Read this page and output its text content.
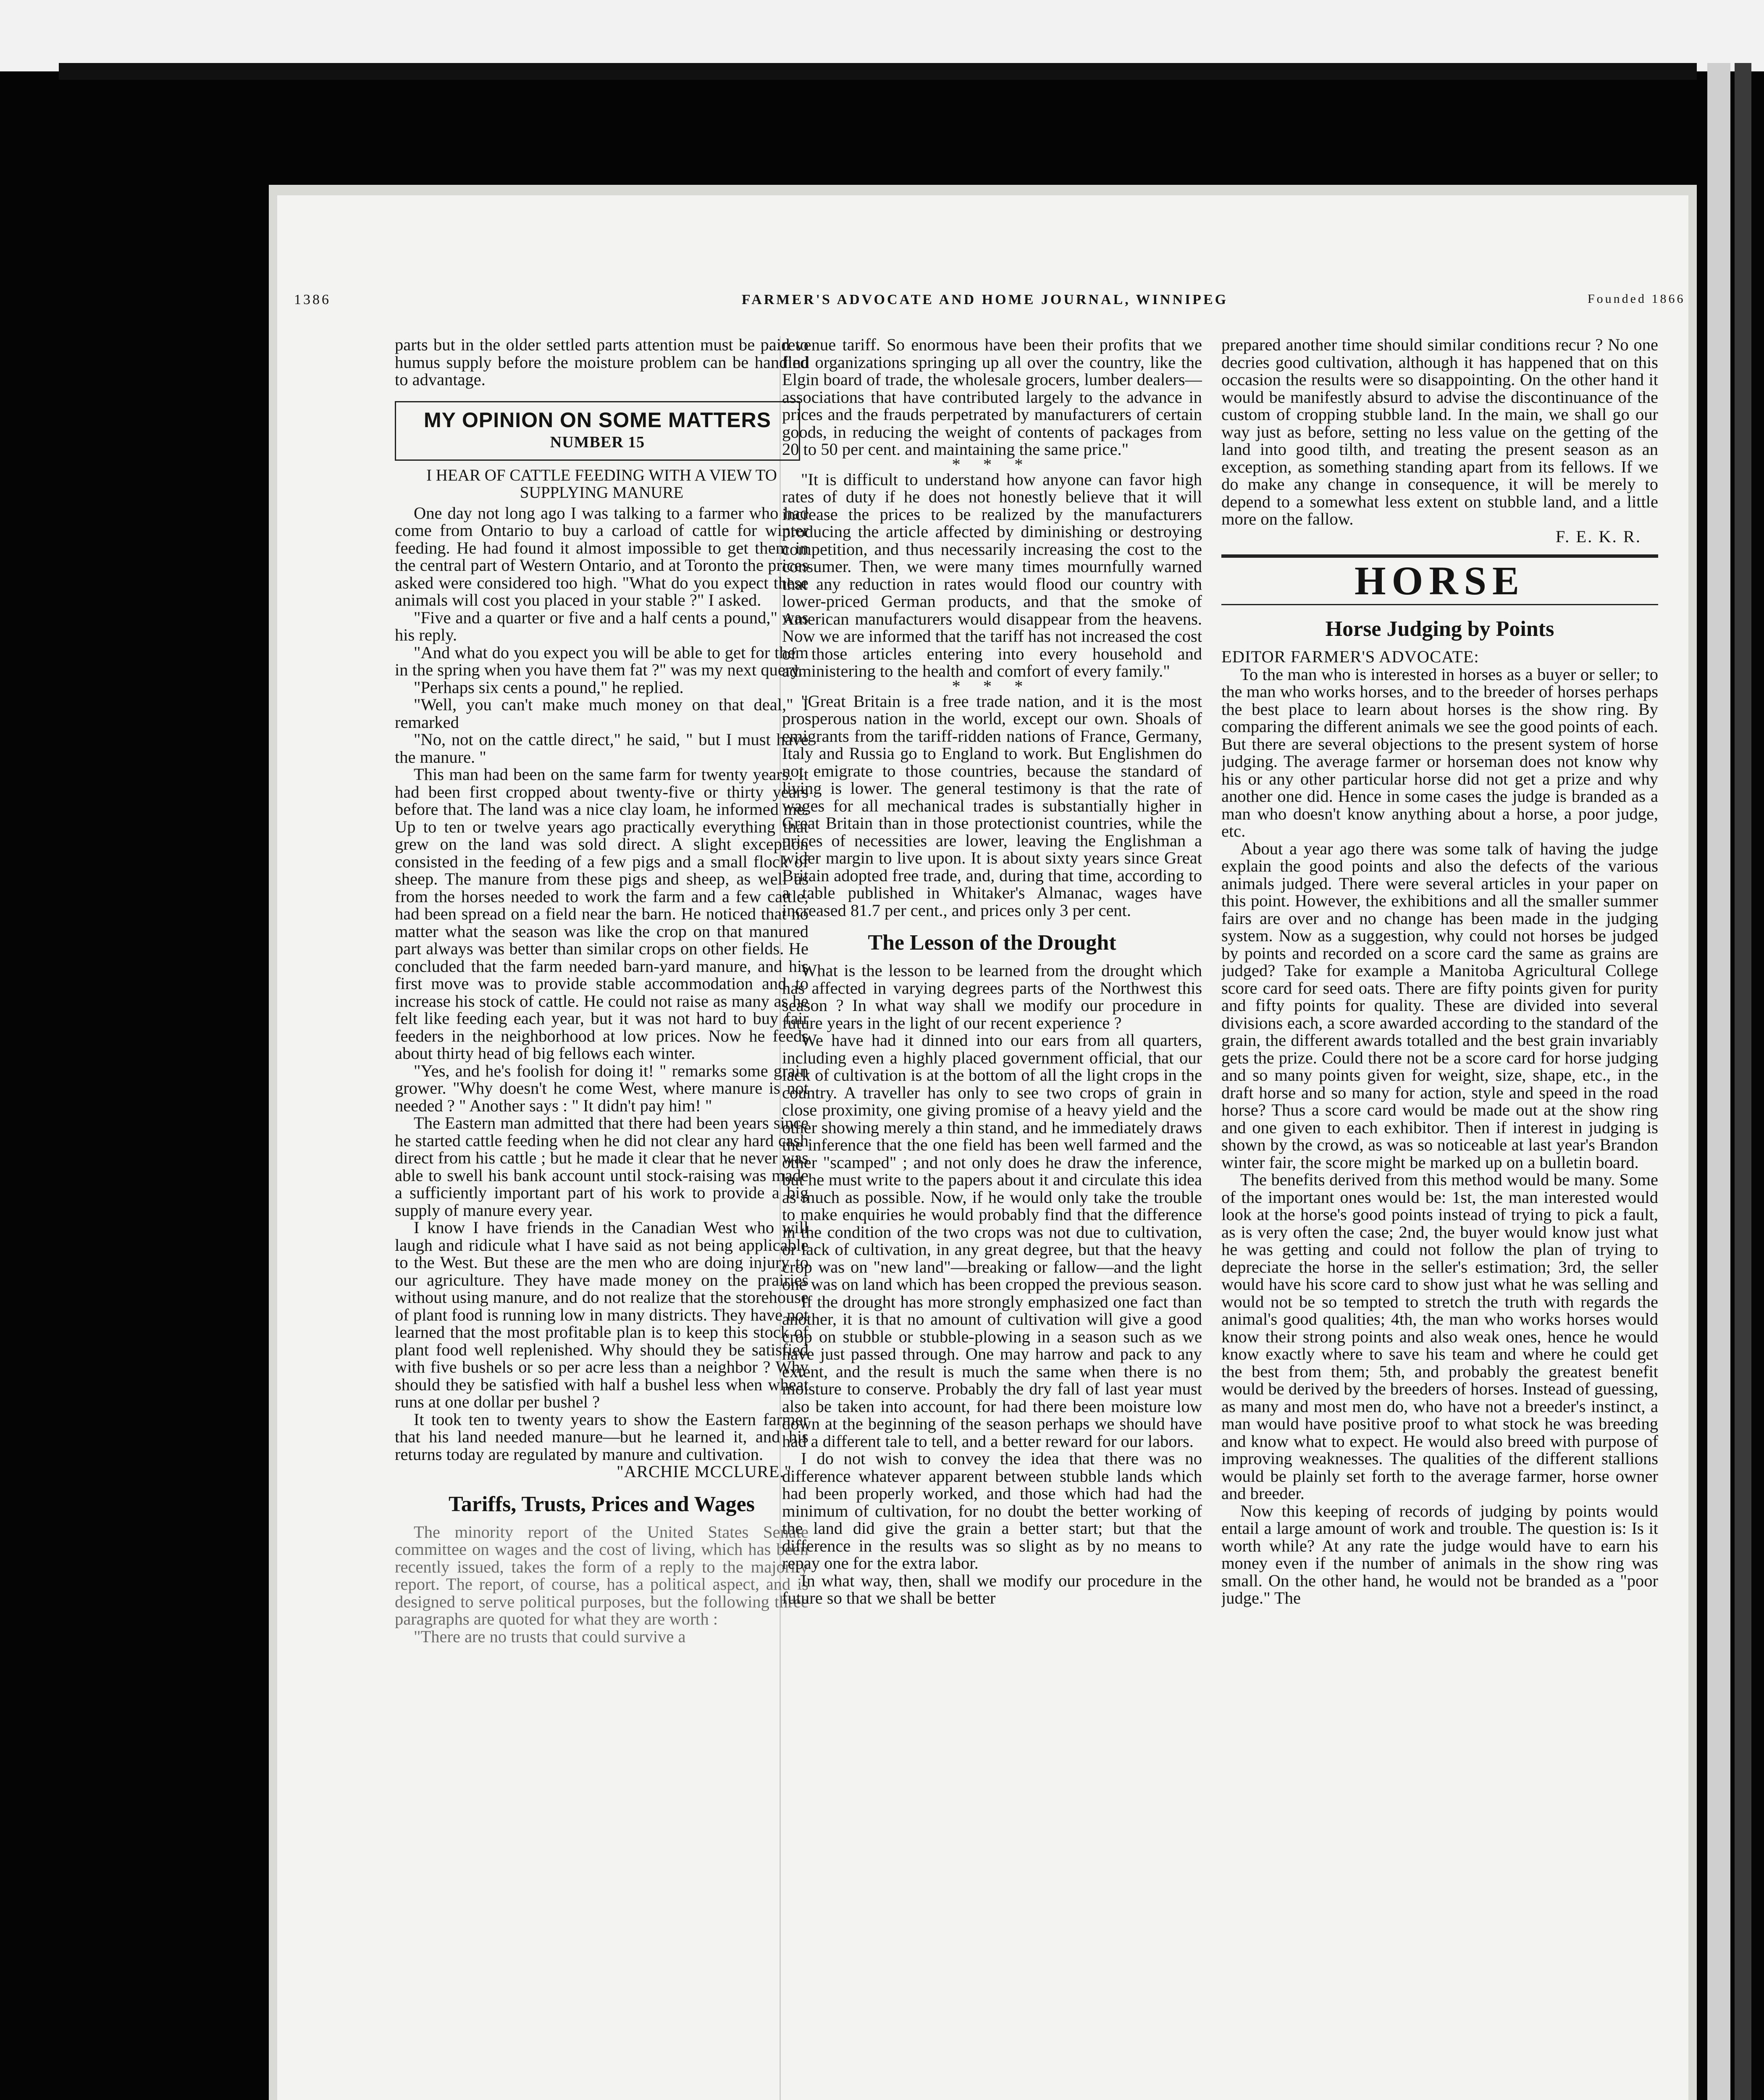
1386	FARMER'S ADVOCATE AND HOME JOURNAL, WINNIPEG	Founded 1866

parts but in the older settled parts attention must be paid to humus supply before the moisture problem can be handled to advantage.

MY OPINION ON SOME MATTERS
NUMBER 15
I HEAR OF CATTLE FEEDING WITH A VIEW TO SUPPLYING MANURE

One day not long ago I was talking to a farmer who had come from Ontario to buy a carload of cattle for winter feeding. He had found it almost impossible to get them in the central part of Western Ontario, and at Toronto the prices asked were considered too high. "What do you expect these animals will cost you placed in your stable ?" I asked.

"Five and a quarter or five and a half cents a pound," was his reply.

"And what do you expect you will be able to get for them in the spring when you have them fat ?" was my next query.

"Perhaps six cents a pound," he replied.

"Well, you can't make much money on that deal," I remarked

"No, not on the cattle direct," he said, " but I must have the manure. "

This man had been on the same farm for twenty years. It had been first cropped about twenty-five or thirty years before that. The land was a nice clay loam, he informed me. Up to ten or twelve years ago practically everything that grew on the land was sold direct. A slight exception consisted in the feeding of a few pigs and a small flock of sheep. The manure from these pigs and sheep, as well as from the horses needed to work the farm and a few cattle, had been spread on a field near the barn. He noticed that no matter what the season was like the crop on that manured part always was better than similar crops on other fields. He concluded that the farm needed barn-yard manure, and his first move was to provide stable accommodation and to increase his stock of cattle. He could not raise as many as he felt like feeding each year, but it was not hard to buy fair feeders in the neighborhood at low prices. Now he feeds about thirty head of big fellows each winter.

"Yes, and he's foolish for doing it! " remarks some grain grower. "Why doesn't he come West, where manure is not needed ? " Another says : " It didn't pay him! "

The Eastern man admitted that there had been years since he started cattle feeding when he did not clear any hard cash direct from his cattle ; but he made it clear that he never was able to swell his bank account until stock-raising was made a sufficiently important part of his work to provide a big supply of manure every year.

I know I have friends in the Canadian West who will laugh and ridicule what I have said as not being applicable to the West. But these are the men who are doing injury to our agriculture. They have made money on the prairies without using manure, and do not realize that the storehouse of plant food is running low in many districts. They have not learned that the most profitable plan is to keep this stock of plant food well replenished. Why should they be satisfied with five bushels or so per acre less than a neighbor ? Why should they be satisfied with half a bushel less when wheat runs at one dollar per bushel ?

It took ten to twenty years to show the Eastern farmer that his land needed manure—but he learned it, and his returns today are regulated by manure and cultivation.

"ARCHIE MCCLURE."
Tariffs, Trusts, Prices and Wages

The minority report of the United States Senate committee on wages and the cost of living, which has been recently issued, takes the form of a reply to the majority report. The report, of course, has a political aspect, and is designed to serve political purposes, but the following three paragraphs are quoted for what they are worth :

"There are no trusts that could survive a

revenue tariff. So enormous have been their profits that we find organizations springing up all over the country, like the Elgin board of trade, the wholesale grocers, lumber dealers—associations that have contributed largely to the advance in prices and the frauds perpetrated by manufacturers of certain goods, in reducing the weight of contents of packages from 20 to 50 per cent. and maintaining the same price."

* * *

"It is difficult to understand how anyone can favor high rates of duty if he does not honestly believe that it will increase the prices to be realized by the manufacturers producing the article affected by diminishing or destroying competition, and thus necessarily increasing the cost to the consumer. Then, we were many times mournfully warned that any reduction in rates would flood our country with lower-priced German products, and that the smoke of American manufacturers would disappear from the heavens. Now we are informed that the tariff has not increased the cost of those articles entering into every household and administering to the health and comfort of every family."

* * *

"Great Britain is a free trade nation, and it is the most prosperous nation in the world, except our own. Shoals of emigrants from the tariff-ridden nations of France, Germany, Italy and Russia go to England to work. But Englishmen do not emigrate to those countries, because the standard of living is lower. The general testimony is that the rate of wages for all mechanical trades is substantially higher in Great Britain than in those protectionist countries, while the prices of necessities are lower, leaving the Englishman a wider margin to live upon. It is about sixty years since Great Britain adopted free trade, and, during that time, according to a table published in Whitaker's Almanac, wages have increased 81.7 per cent., and prices only 3 per cent.

The Lesson of the Drought

What is the lesson to be learned from the drought which has affected in varying degrees parts of the Northwest this season ? In what way shall we modify our procedure in future years in the light of our recent experience ?

We have had it dinned into our ears from all quarters, including even a highly placed government official, that our lack of cultivation is at the bottom of all the light crops in the country. A traveller has only to see two crops of grain in close proximity, one giving promise of a heavy yield and the other showing merely a thin stand, and he immediately draws the inference that the one field has been well farmed and the other "scamped" ; and not only does he draw the inference, but he must write to the papers about it and circulate this idea as much as possible. Now, if he would only take the trouble to make enquiries he would probably find that the difference in the condition of the two crops was not due to cultivation, or lack of cultivation, in any great degree, but that the heavy crop was on "new land"—breaking or fallow—and the light one was on land which has been cropped the previous season.

If the drought has more strongly emphasized one fact than another, it is that no amount of cultivation will give a good crop on stubble or stubble-plowing in a season such as we have just passed through. One may harrow and pack to any extent, and the result is much the same when there is no moisture to conserve. Probably the dry fall of last year must also be taken into account, for had there been moisture low down at the beginning of the season perhaps we should have had a different tale to tell, and a better reward for our labors.

I do not wish to convey the idea that there was no difference whatever apparent between stubble lands which had been properly worked, and those which had had the minimum of cultivation, for no doubt the better working of the land did give the grain a better start; but that the difference in the results was so slight as by no means to repay one for the extra labor.

In what way, then, shall we modify our procedure in the future so that we shall be better

prepared another time should similar conditions recur ? No one decries good cultivation, although it has happened that on this occasion the results were so disappointing. On the other hand it would be manifestly absurd to advise the discontinuance of the custom of cropping stubble land. In the main, we shall go our way just as before, setting no less value on the getting of the land into good tilth, and treating the present season as an exception, as something standing apart from its fellows. If we do make any change in consequence, it will be merely to depend to a somewhat less extent on stubble land, and a little more on the fallow.

F. E. K. R.
HORSE
Horse Judging by Points

EDITOR FARMER'S ADVOCATE:

To the man who is interested in horses as a buyer or seller; to the man who works horses, and to the breeder of horses perhaps the best place to learn about horses is the show ring. By comparing the different animals we see the good points of each. But there are several objections to the present system of horse judging. The average farmer or horseman does not know why his or any other particular horse did not get a prize and why another one did. Hence in some cases the judge is branded as a man who doesn't know anything about a horse, a poor judge, etc.

About a year ago there was some talk of having the judge explain the good points and also the defects of the various animals judged. There were several articles in your paper on this point. However, the exhibitions and all the smaller summer fairs are over and no change has been made in the judging system. Now as a suggestion, why could not horses be judged by points and recorded on a score card the same as grains are judged? Take for example a Manitoba Agricultural College score card for seed oats. There are fifty points given for purity and fifty points for quality. These are divided into several divisions each, a score awarded according to the standard of the grain, the different awards totalled and the best grain invariably gets the prize. Could there not be a score card for horse judging and so many points given for weight, size, shape, etc., in the draft horse and so many for action, style and speed in the road horse? Thus a score card would be made out at the show ring and one given to each exhibitor. Then if interest in judging is shown by the crowd, as was so noticeable at last year's Brandon winter fair, the score might be marked up on a bulletin board.

The benefits derived from this method would be many. Some of the important ones would be: 1st, the man interested would look at the horse's good points instead of trying to pick a fault, as is very often the case; 2nd, the buyer would know just what he was getting and could not follow the plan of trying to depreciate the horse in the seller's estimation; 3rd, the seller would have his score card to show just what he was selling and would not be so tempted to stretch the truth with regards the animal's good qualities; 4th, the man who works horses would know their strong points and also weak ones, hence he would know exactly where to save his team and where he could get the best from them; 5th, and probably the greatest benefit would be derived by the breeders of horses. Instead of guessing, as many and most men do, who have not a breeder's instinct, a man would have positive proof to what stock he was breeding and know what to expect. He would also breed with purpose of improving weaknesses. The qualities of the different stallions would be plainly set forth to the average farmer, horse owner and breeder.

Now this keeping of records of judging by points would entail a large amount of work and trouble. The question is: Is it worth while? At any rate the judge would have to earn his money even if the number of animals in the show ring was small. On the other hand, he would not be branded as a "poor judge." The
